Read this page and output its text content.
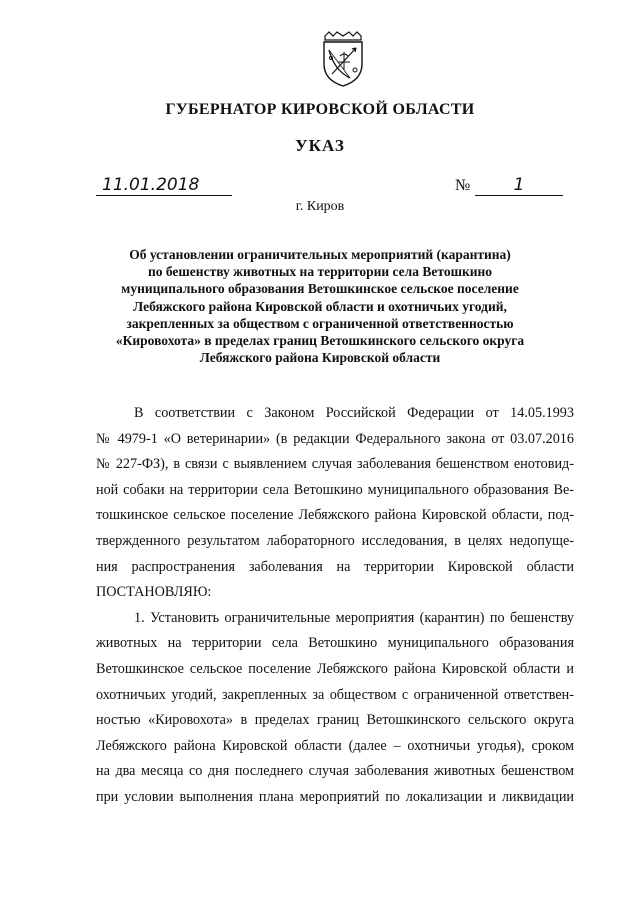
ГУБЕРНАТОР КИРОВСКОЙ ОБЛАСТИ
УКАЗ
11.01.2018	№	1
г. Киров
Об установлении ограничительных мероприятий (карантина)
по бешенству животных на территории села Ветошкино
муниципального образования Ветошкинское сельское поселение
Лебяжского района Кировской области и охотничьих угодий,
закрепленных за обществом с ограниченной ответственностью
«Кировохота» в пределах границ Ветошкинского сельского округа
Лебяжского района Кировской области
В соответствии с Законом Российской Федерации от 14.05.1993
№ 4979-1 «О ветеринарии» (в редакции Федерального закона от 03.07.2016
№ 227-ФЗ), в связи с выявлением случая заболевания бешенством енотовид-
ной собаки на территории села Ветошкино муниципального образования Ве-
тошкинское сельское поселение Лебяжского района Кировской области, под-
твержденного результатом лабораторного исследования, в целях недопуще-
ния распространения заболевания на территории Кировской области
ПОСТАНОВЛЯЮ:
1. Установить ограничительные мероприятия (карантин) по бешенству
животных на территории села Ветошкино муниципального образования
Ветошкинское сельское поселение Лебяжского района Кировской области и
охотничьих угодий, закрепленных за обществом с ограниченной ответствен-
ностью «Кировохота» в пределах границ Ветошкинского сельского округа
Лебяжского района Кировской области (далее – охотничьи угодья), сроком
на два месяца со дня последнего случая заболевания животных бешенством
при условии выполнения плана мероприятий по локализации и ликвидации
